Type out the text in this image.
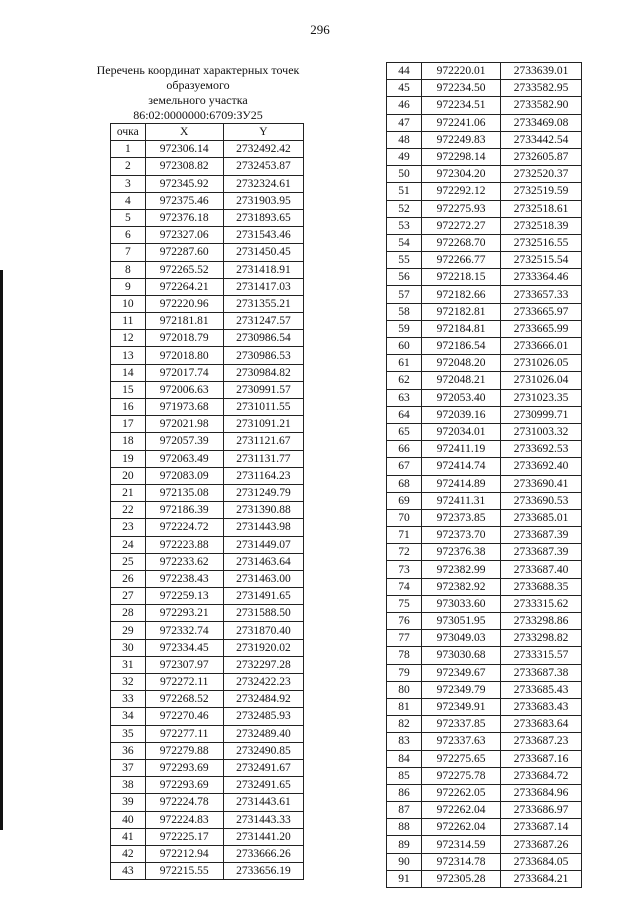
296
Перечень координат характерных точек
образуемого
земельного участка
86:02:0000000:6709:ЗУ25
очка	X	Y
1	972306.14	2732492.42
2	972308.82	2732453.87
3	972345.92	2732324.61
4	972375.46	2731903.95
5	972376.18	2731893.65
6	972327.06	2731543.46
7	972287.60	2731450.45
8	972265.52	2731418.91
9	972264.21	2731417.03
10	972220.96	2731355.21
11	972181.81	2731247.57
12	972018.79	2730986.54
13	972018.80	2730986.53
14	972017.74	2730984.82
15	972006.63	2730991.57
16	971973.68	2731011.55
17	972021.98	2731091.21
18	972057.39	2731121.67
19	972063.49	2731131.77
20	972083.09	2731164.23
21	972135.08	2731249.79
22	972186.39	2731390.88
23	972224.72	2731443.98
24	972223.88	2731449.07
25	972233.62	2731463.64
26	972238.43	2731463.00
27	972259.13	2731491.65
28	972293.21	2731588.50
29	972332.74	2731870.40
30	972334.45	2731920.02
31	972307.97	2732297.28
32	972272.11	2732422.23
33	972268.52	2732484.92
34	972270.46	2732485.93
35	972277.11	2732489.40
36	972279.88	2732490.85
37	972293.69	2732491.67
38	972293.69	2732491.65
39	972224.78	2731443.61
40	972224.83	2731443.33
41	972225.17	2731441.20
42	972212.94	2733666.26
43	972215.55	2733656.19
44	972220.01	2733639.01
45	972234.50	2733582.95
46	972234.51	2733582.90
47	972241.06	2733469.08
48	972249.83	2733442.54
49	972298.14	2732605.87
50	972304.20	2732520.37
51	972292.12	2732519.59
52	972275.93	2732518.61
53	972272.27	2732518.39
54	972268.70	2732516.55
55	972266.77	2732515.54
56	972218.15	2733364.46
57	972182.66	2733657.33
58	972182.81	2733665.97
59	972184.81	2733665.99
60	972186.54	2733666.01
61	972048.20	2731026.05
62	972048.21	2731026.04
63	972053.40	2731023.35
64	972039.16	2730999.71
65	972034.01	2731003.32
66	972411.19	2733692.53
67	972414.74	2733692.40
68	972414.89	2733690.41
69	972411.31	2733690.53
70	972373.85	2733685.01
71	972373.70	2733687.39
72	972376.38	2733687.39
73	972382.99	2733687.40
74	972382.92	2733688.35
75	973033.60	2733315.62
76	973051.95	2733298.86
77	973049.03	2733298.82
78	973030.68	2733315.57
79	972349.67	2733687.38
80	972349.79	2733685.43
81	972349.91	2733683.43
82	972337.85	2733683.64
83	972337.63	2733687.23
84	972275.65	2733687.16
85	972275.78	2733684.72
86	972262.05	2733684.96
87	972262.04	2733686.97
88	972262.04	2733687.14
89	972314.59	2733687.26
90	972314.78	2733684.05
91	972305.28	2733684.21
